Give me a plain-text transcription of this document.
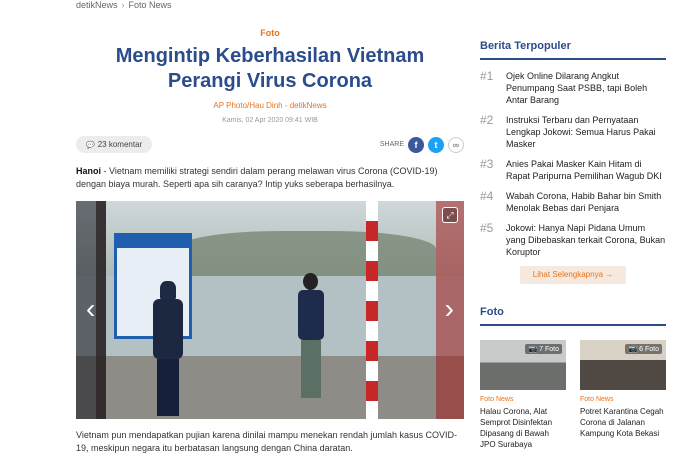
detikNews › Foto News
Foto
Mengintip Keberhasilan Vietnam Perangi Virus Corona
AP Photo/Hau Dinh - detikNews
Kamis, 02 Apr 2020 09:41 WIB
💬 23 komentar	SHARE	f	t	∞

Hanoi - Vietnam memiliki strategi sendiri dalam perang melawan virus Corona (COVID-19) dengan biaya murah. Seperti apa sih caranya? Intip yuks seberapa berhasilnya.

‹	›
⤢

Vietnam pun mendapatkan pujian karena dinilai mampu menekan rendah jumlah kasus COVID-19, meskipun negara itu berbatasan langsung dengan China daratan.

Berita Terpopuler
#1	Ojek Online Dilarang Angkut Penumpang Saat PSBB, tapi Boleh Antar Barang
#2	Instruksi Terbaru dan Pernyataan Lengkap Jokowi: Semua Harus Pakai Masker
#3	Anies Pakai Masker Kain Hitam di Rapat Paripurna Pemilihan Wagub DKI
#4	Wabah Corona, Habib Bahar bin Smith Menolak Bebas dari Penjara
#5	Jokowi: Hanya Napi Pidana Umum yang Dibebaskan terkait Corona, Bukan Koruptor
Lihat Selengkapnya →
Foto
📷 7 Foto
Foto News
Halau Corona, Alat Semprot Disinfektan Dipasang di Bawah JPO Surabaya
📷 6 Foto
Foto News
Potret Karantina Cegah Corona di Jalanan Kampung Kota Bekasi
